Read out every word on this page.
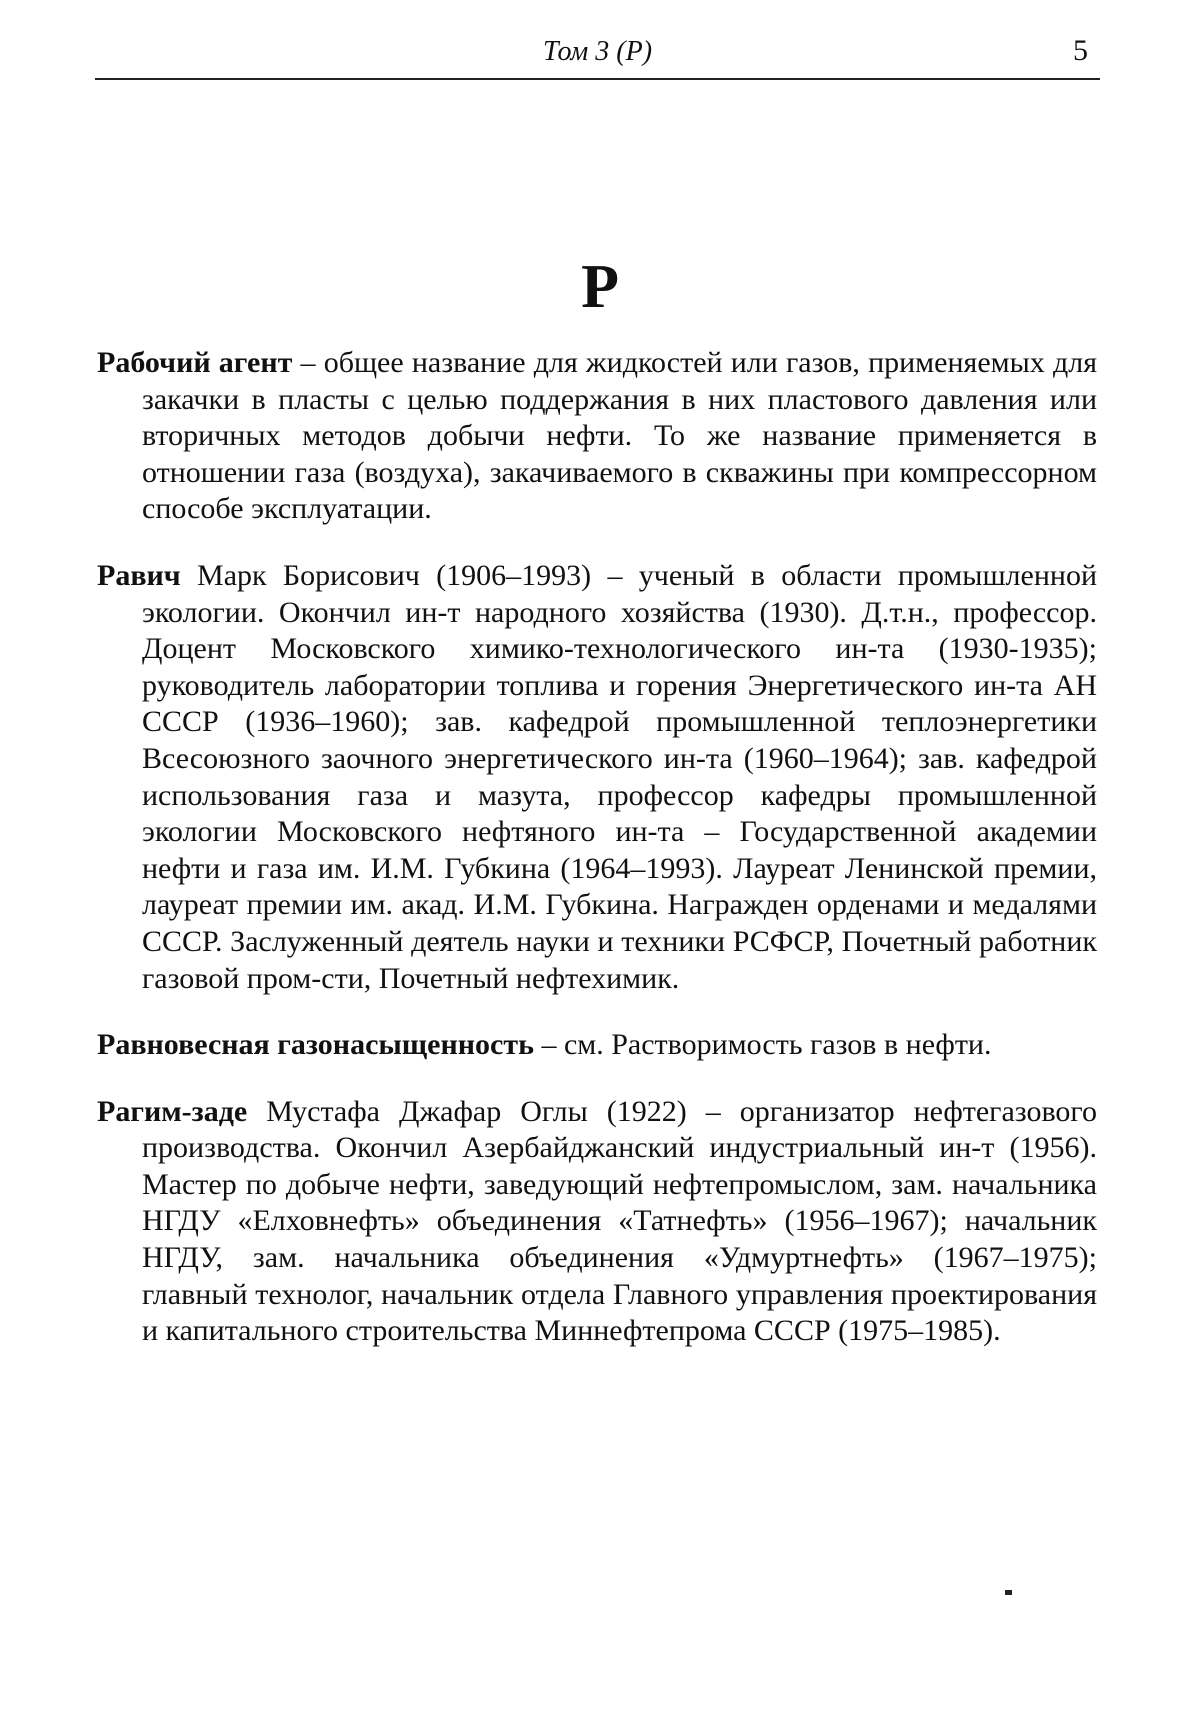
Том 3 (Р)	5
Р

Рабочий агент – общее название для жидкостей или газов, применяемых для закачки в пласты с целью поддержания в них пластового давления или вторичных методов добычи нефти. То же название применяется в отношении газа (воздуха), закачиваемого в скважины при компрессорном способе эксплуатации.

Равич Марк Борисович (1906–1993) – ученый в области промышленной экологии. Окончил ин-т народного хозяйства (1930). Д.т.н., профессор. Доцент Московского химико-технологического ин-та (1930-1935); руководитель лаборатории топлива и горения Энергетического ин-та АН СССР (1936–1960); зав. кафедрой промышленной теплоэнергетики Всесоюзного заочного энергетического ин-та (1960–1964); зав. кафедрой использования газа и мазута, профессор кафедры промышленной экологии Московского нефтяного ин-та – Государственной академии нефти и газа им. И.М. Губкина (1964–1993). Лауреат Ленинской премии, лауреат премии им. акад. И.М. Губкина. Награжден орденами и медалями СССР. Заслуженный деятель науки и техники РСФСР, Почетный работник газовой пром-сти, Почетный нефтехимик.

Равновесная газонасыщенность – см. Растворимость газов в нефти.

Рагим-заде Мустафа Джафар Оглы (1922) – организатор нефтегазового производства. Окончил Азербайджанский индустриальный ин-т (1956). Мастер по добыче нефти, заведующий нефтепромыслом, зам. начальника НГДУ «Елховнефть» объединения «Татнефть» (1956–1967); начальник НГДУ, зам. начальника объединения «Удмуртнефть» (1967–1975); главный технолог, начальник отдела Главного управления проектирования и капитального строительства Миннефтепрома СССР (1975–1985).
